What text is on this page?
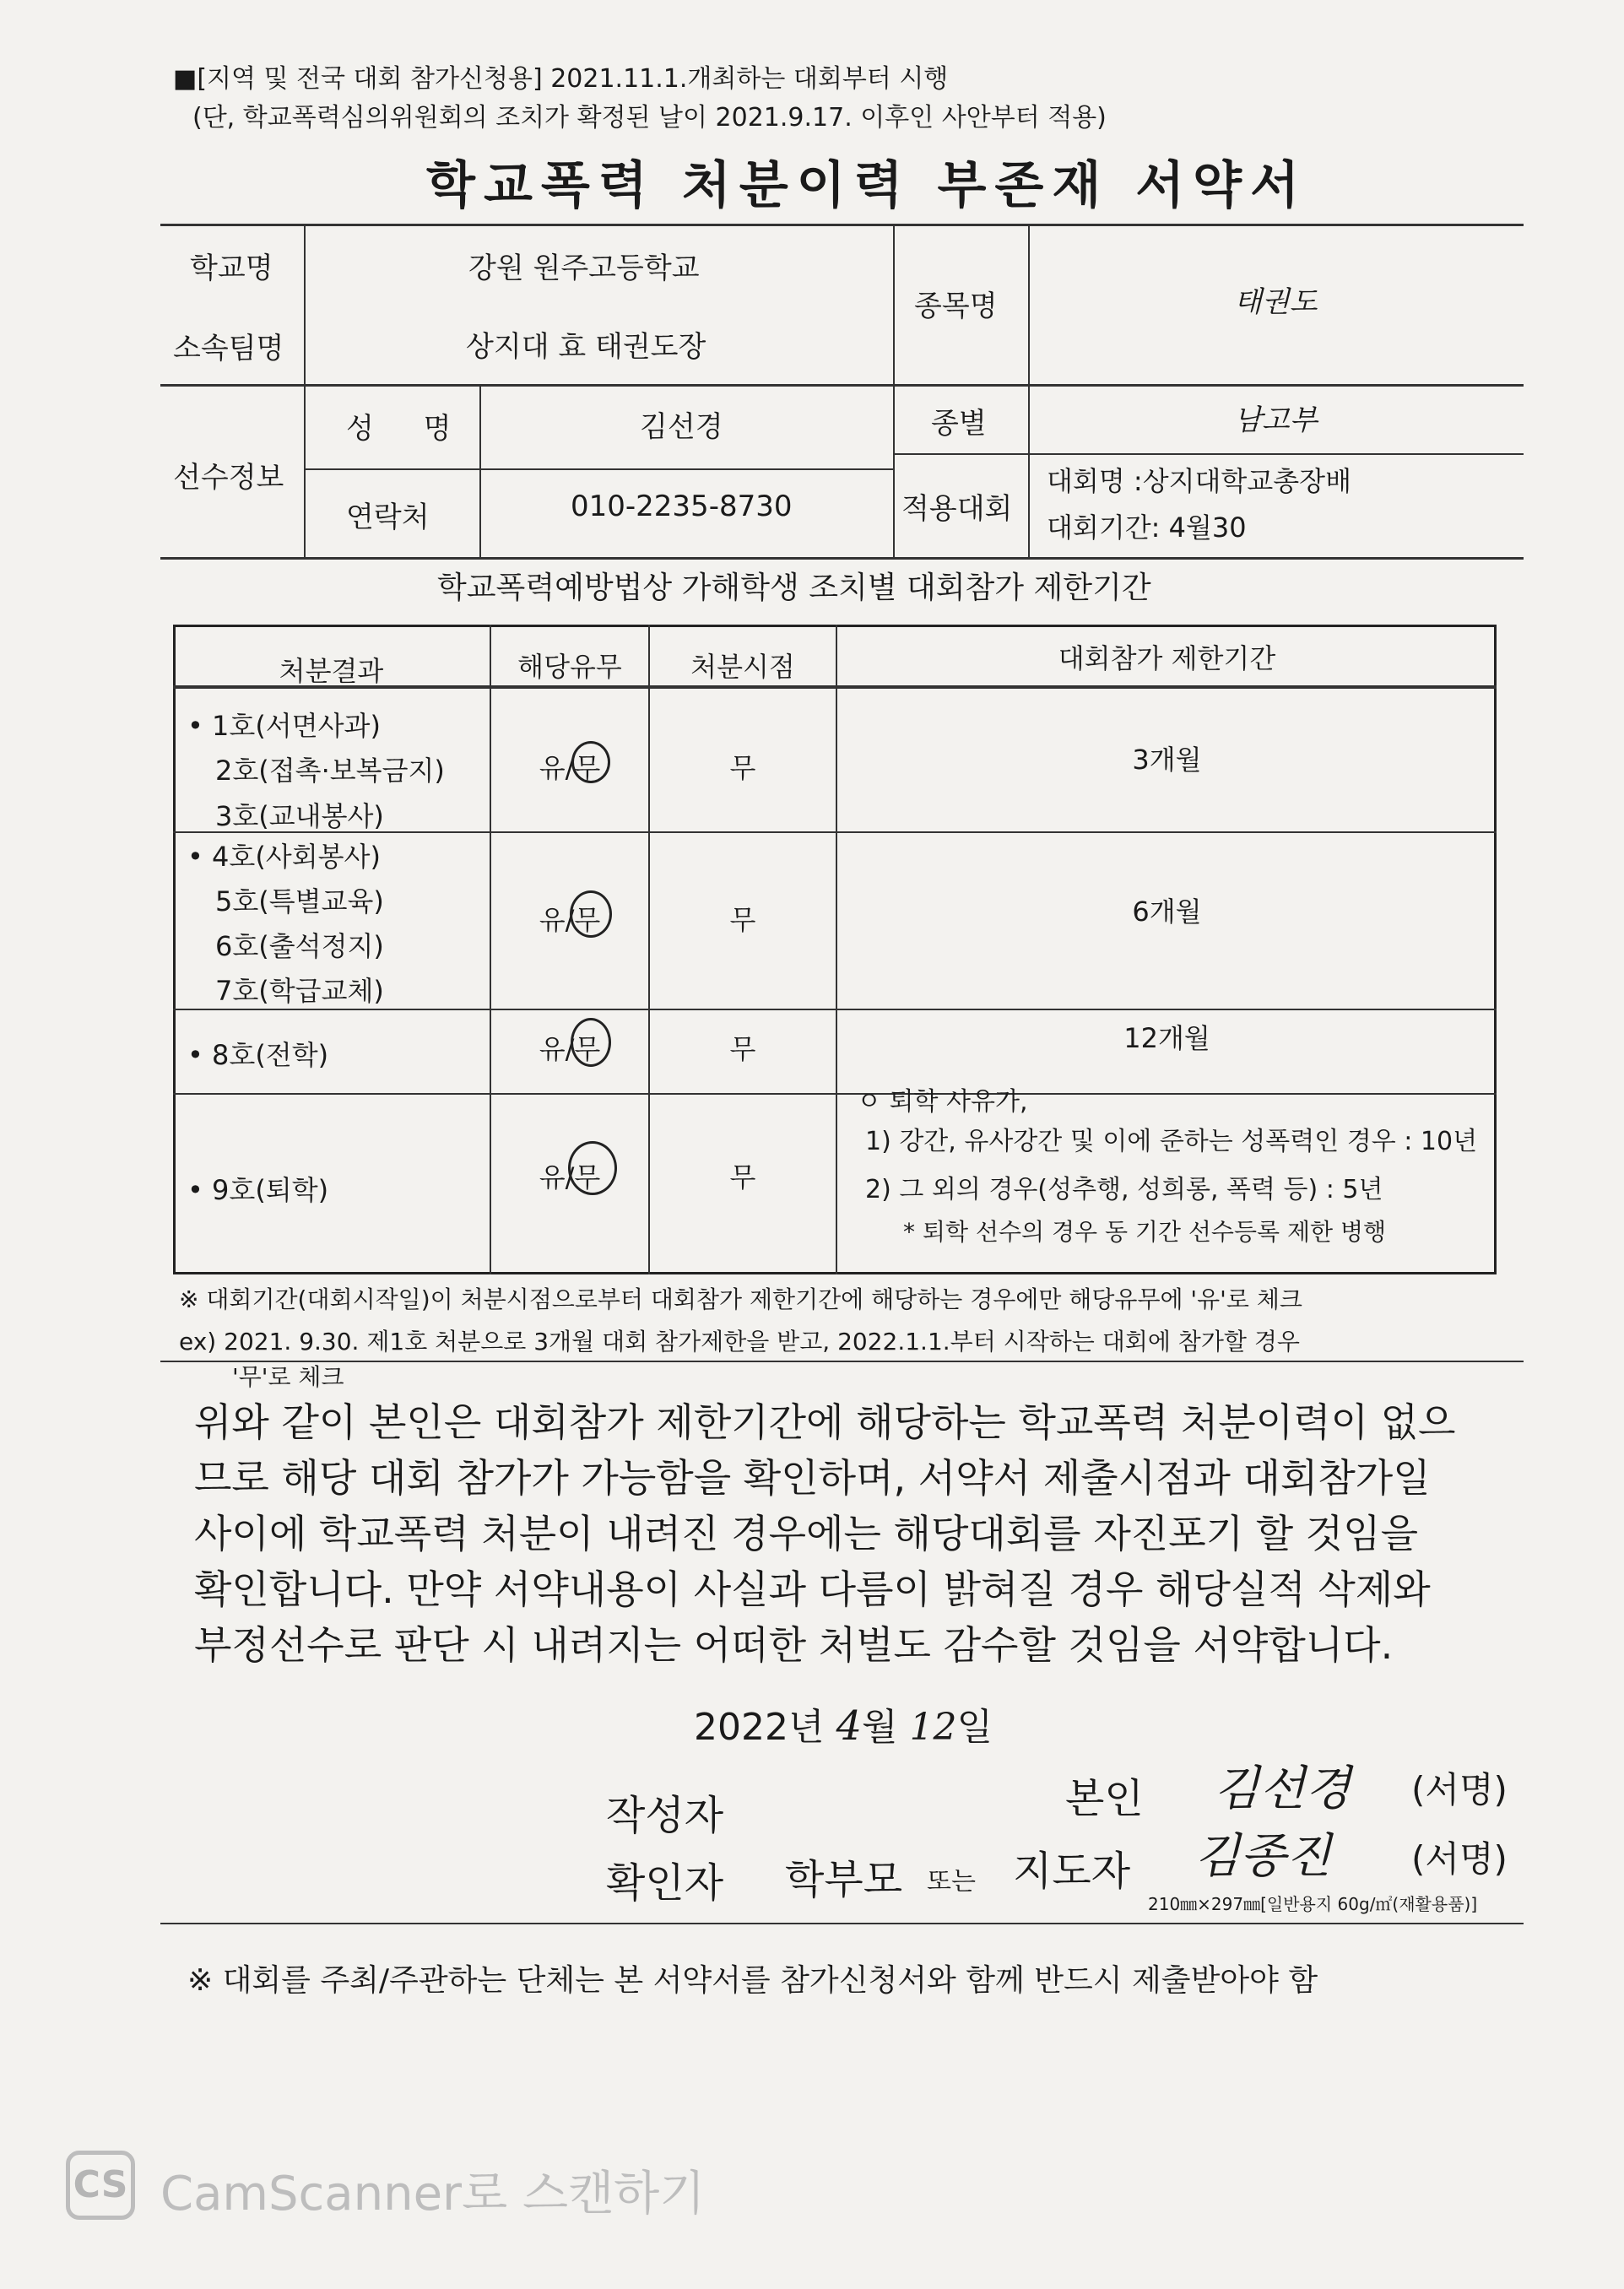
■[지역 및 전국 대회 참가신청용] 2021.11.1.개최하는 대회부터 시행
(단, 학교폭력심의위원회의 조치가 확정된 날이 2021.9.17. 이후인 사안부터 적용)
학교폭력 처분이력 부존재 서약서
학교명	강원 원주고등학교
소속팀명	상지대 효 태권도장
종목명	태권도
선수정보
성 명	김선경	종별	남고부
연락처	010-2235-8730	적용대회
대회명 :상지대학교총장배
대회기간: 4월30
학교폭력예방법상 가해학생 조치별 대회참가 제한기간
처분결과	해당유무	처분시점	대회참가 제한기간
• 1호(서면사과)
2호(접촉·보복금지)
3호(교내봉사)
유/무	무	3개월
• 4호(사회봉사)
5호(특별교육)
6호(출석정지)
7호(학급교체)
유/무	무	6개월
• 8호(전학)	유/무	무	12개월
• 9호(퇴학)	유/무	무
ㅇ 퇴학 사유가,
1) 강간, 유사강간 및 이에 준하는 성폭력인 경우 : 10년
2) 그 외의 경우(성추행, 성희롱, 폭력 등) : 5년
* 퇴학 선수의 경우 동 기간 선수등록 제한 병행
※ 대회기간(대회시작일)이 처분시점으로부터 대회참가 제한기간에 해당하는 경우에만 해당유무에 '유'로 체크
ex) 2021. 9.30. 제1호 처분으로 3개월 대회 참가제한을 받고, 2022.1.1.부터 시작하는 대회에 참가할 경우
'무'로 체크
위와 같이 본인은 대회참가 제한기간에 해당하는 학교폭력 처분이력이 없으
므로 해당 대회 참가가 가능함을 확인하며, 서약서 제출시점과 대회참가일
사이에 학교폭력 처분이 내려진 경우에는 해당대회를 자진포기 할 것임을
확인합니다. 만약 서약내용이 사실과 다름이 밝혀질 경우 해당실적 삭제와
부정선수로 판단 시 내려지는 어떠한 처벌도 감수할 것임을 서약합니다.
2022년 4월 12일
작성자	본인 김선경 (서명)
확인자 학부모 또는 지도자 김종진 (서명)
210㎜×297㎜[일반용지 60g/㎡(재활용품)]
※ 대회를 주최/주관하는 단체는 본 서약서를 참가신청서와 함께 반드시 제출받아야 함
CS CamScanner로 스캔하기
